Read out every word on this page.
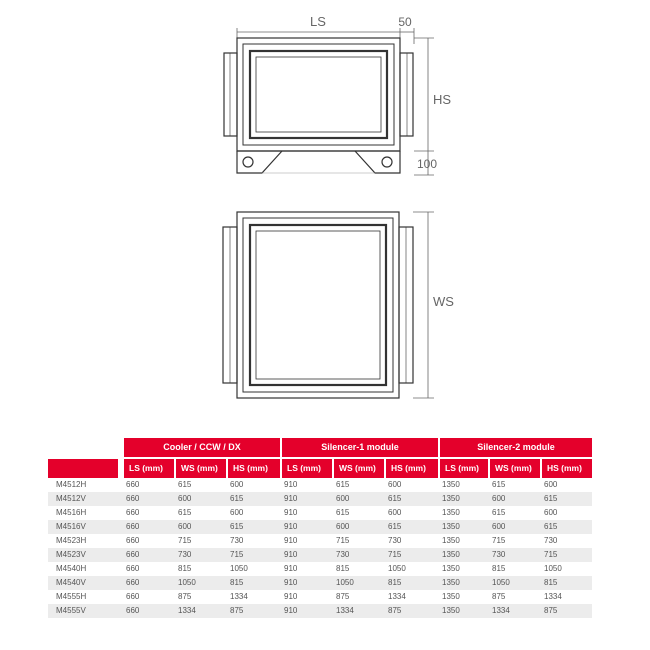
LS	50
HS
100
WS
Cooler / CCW / DX	Silencer-1 module	Silencer-2 module
LS (mm)	WS (mm)	HS (mm)	LS (mm)	WS (mm)	HS (mm)	LS (mm)	WS (mm)	HS (mm)
M4512H	660	615	600	910	615	600	1350	615	600
M4512V	660	600	615	910	600	615	1350	600	615
M4516H	660	615	600	910	615	600	1350	615	600
M4516V	660	600	615	910	600	615	1350	600	615
M4523H	660	715	730	910	715	730	1350	715	730
M4523V	660	730	715	910	730	715	1350	730	715
M4540H	660	815	1050	910	815	1050	1350	815	1050
M4540V	660	1050	815	910	1050	815	1350	1050	815
M4555H	660	875	1334	910	875	1334	1350	875	1334
M4555V	660	1334	875	910	1334	875	1350	1334	875
